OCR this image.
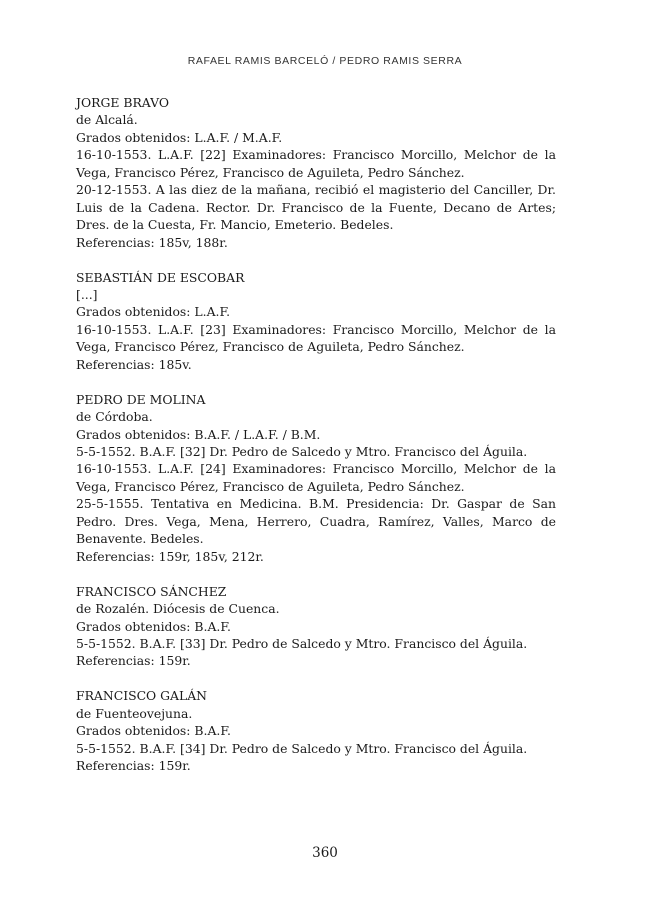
RAFAEL RAMIS BARCELÓ / PEDRO RAMIS SERRA

JORGE BRAVO

de Alcalá.

Grados obtenidos: L.A.F. / M.A.F.

16-10-1553. L.A.F. [22] Examinadores: Francisco Morcillo, Melchor de la Vega, Francisco Pérez, Francisco de Aguileta, Pedro Sánchez.

20-12-1553. A las diez de la mañana, recibió el magisterio del Canciller, Dr. Luis de la Cadena. Rector. Dr. Francisco de la Fuente, Decano de Artes; Dres. de la Cuesta, Fr. Mancio, Emeterio. Bedeles.

Referencias: 185v, 188r.

SEBASTIÁN DE ESCOBAR

[...]

Grados obtenidos: L.A.F.

16-10-1553. L.A.F. [23] Examinadores: Francisco Morcillo, Melchor de la Vega, Francisco Pérez, Francisco de Aguileta, Pedro Sánchez.

Referencias: 185v.

PEDRO DE MOLINA

de Córdoba.

Grados obtenidos: B.A.F. / L.A.F. / B.M.

5-5-1552. B.A.F. [32] Dr. Pedro de Salcedo y Mtro. Francisco del Águila.

16-10-1553. L.A.F. [24] Examinadores: Francisco Morcillo, Melchor de la Vega, Francisco Pérez, Francisco de Aguileta, Pedro Sánchez.

25-5-1555. Tentativa en Medicina. B.M. Presidencia: Dr. Gaspar de San Pedro. Dres. Vega, Mena, Herrero, Cuadra, Ramírez, Valles, Marco de Benavente. Bedeles.

Referencias: 159r, 185v, 212r.

FRANCISCO SÁNCHEZ

de Rozalén. Diócesis de Cuenca.

Grados obtenidos: B.A.F.

5-5-1552. B.A.F. [33] Dr. Pedro de Salcedo y Mtro. Francisco del Águila.

Referencias: 159r.

FRANCISCO GALÁN

de Fuenteovejuna.

Grados obtenidos: B.A.F.

5-5-1552. B.A.F. [34] Dr. Pedro de Salcedo y Mtro. Francisco del Águila.

Referencias: 159r.

360
